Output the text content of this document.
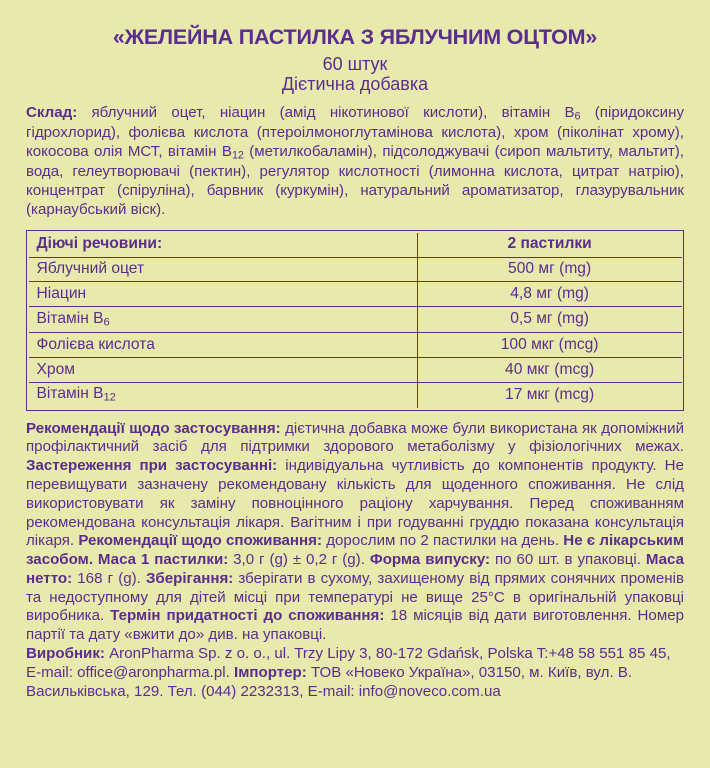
«ЖЕЛЕЙНА ПАСТИЛКА З ЯБЛУЧНИМ ОЦТОМ»
60 штук
Дієтична добавка

Склад: яблучний оцет, ніацин (амід нікотинової кислоти), вітамін $B_6$ (піридоксину гідрохлорид), фолієва кислота (птероілмоноглутамінова кислота), хром (піколінат хрому), кокосова олія МСТ, вітамін $B_{12}$ (метилкобаламін), підсолоджувачі (сироп мальтиту, мальтит), вода, гелеутворювачі (пектин), регулятор кислотності (лимонна кислота, цитрат натрію), концентрат (спіруліна), барвник (куркумін), натуральний ароматизатор, глазурувальник (карнаубський віск).

Діючі речовини:	2 пастилки
Яблучний оцет	500 мг (mg)
Ніацин	4,8 мг (mg)
Вітамін $B_6$	0,5 мг (mg)
Фолієва кислота	100 мкг (mcg)
Хром	40 мкг (mcg)
Вітамін $B_{12}$	17 мкг (mcg)

Рекомендації щодо застосування: дієтична добавка може були використана як допоміжний профілактичний засіб для підтримки здорового метаболізму у фізіологічних межах. Застереження при застосуванні: індивідуальна чутливість до компонентів продукту. Не перевищувати зазначену рекомендовану кількість для щоденного споживання. Не слід використовувати як заміну повноцінного раціону харчування. Перед споживанням рекомендована консультація лікаря. Вагітним і при годуванні груддю показана консультація лікаря. Рекомендації щодо споживання: дорослим по 2 пастилки на день. Не є лікарським засобом. Маса 1 пастилки: 3,0 г (g) ± 0,2 г (g). Форма випуску: по 60 шт. в упаковці. Маса нетто: 168 г (g). Зберігання: зберігати в сухому, захищеному від прямих сонячних променів та недоступному для дітей місці при температурі не вище 25°C в оригінальній упаковці виробника. Термін придатності до споживання: 18 місяців від дати виготовлення. Номер партії та дату «вжити до» див. на упаковці.

Виробник: AronPharma Sp. z o. o., ul. Trzy Lipy 3, 80-172 Gdańsk, Polska T:+48 58 551 85 45, E-mail: office@aronpharma.pl. Імпортер: ТОВ «Новеко Україна», 03150, м. Київ, вул. В. Васильківська, 129. Тел. (044) 2232313, E-mail: info@noveco.com.ua
